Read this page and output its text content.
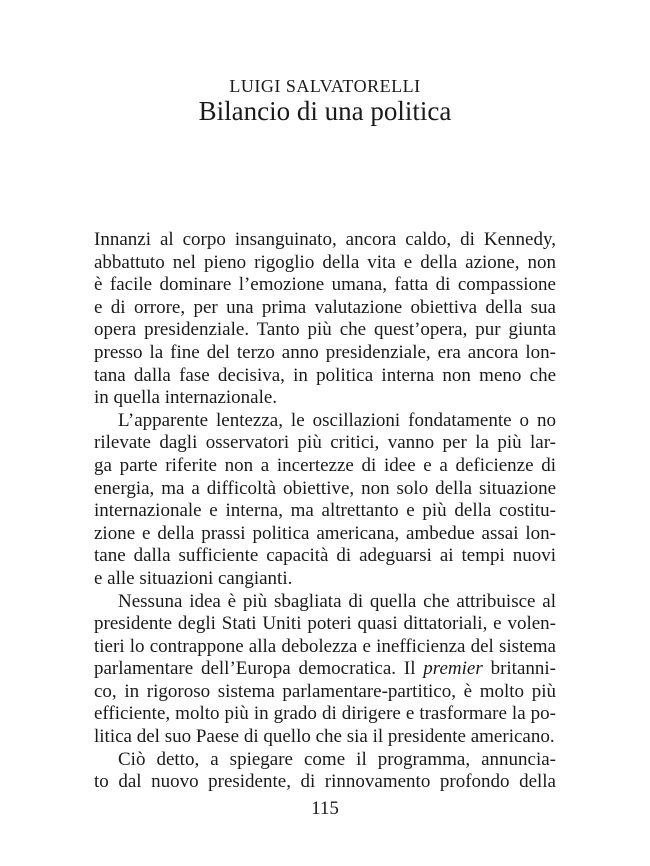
LUIGI SALVATORELLI
Bilancio di una politica
Innanzi al corpo insanguinato, ancora caldo, di Kennedy,
abbattuto nel pieno rigoglio della vita e della azione, non
è facile dominare l’emozione umana, fatta di compassione
e di orrore, per una prima valutazione obiettiva della sua
opera presidenziale. Tanto più che quest’opera, pur giunta
presso la fine del terzo anno presidenziale, era ancora lon-
tana dalla fase decisiva, in politica interna non meno che
in quella internazionale.
L’apparente lentezza, le oscillazioni fondatamente o no
rilevate dagli osservatori più critici, vanno per la più lar-
ga parte riferite non a incertezze di idee e a deficienze di
energia, ma a difficoltà obiettive, non solo della situazione
internazionale e interna, ma altrettanto e più della costitu-
zione e della prassi politica americana, ambedue assai lon-
tane dalla sufficiente capacità di adeguarsi ai tempi nuovi
e alle situazioni cangianti.
Nessuna idea è più sbagliata di quella che attribuisce al
presidente degli Stati Uniti poteri quasi dittatoriali, e volen-
tieri lo contrappone alla debolezza e inefficienza del sistema
parlamentare dell’Europa democratica. Il premier britanni-
co, in rigoroso sistema parlamentare-partitico, è molto più
efficiente, molto più in grado di dirigere e trasformare la po-
litica del suo Paese di quello che sia il presidente americano.
Ciò detto, a spiegare come il programma, annuncia-
to dal nuovo presidente, di rinnovamento profondo della
115
